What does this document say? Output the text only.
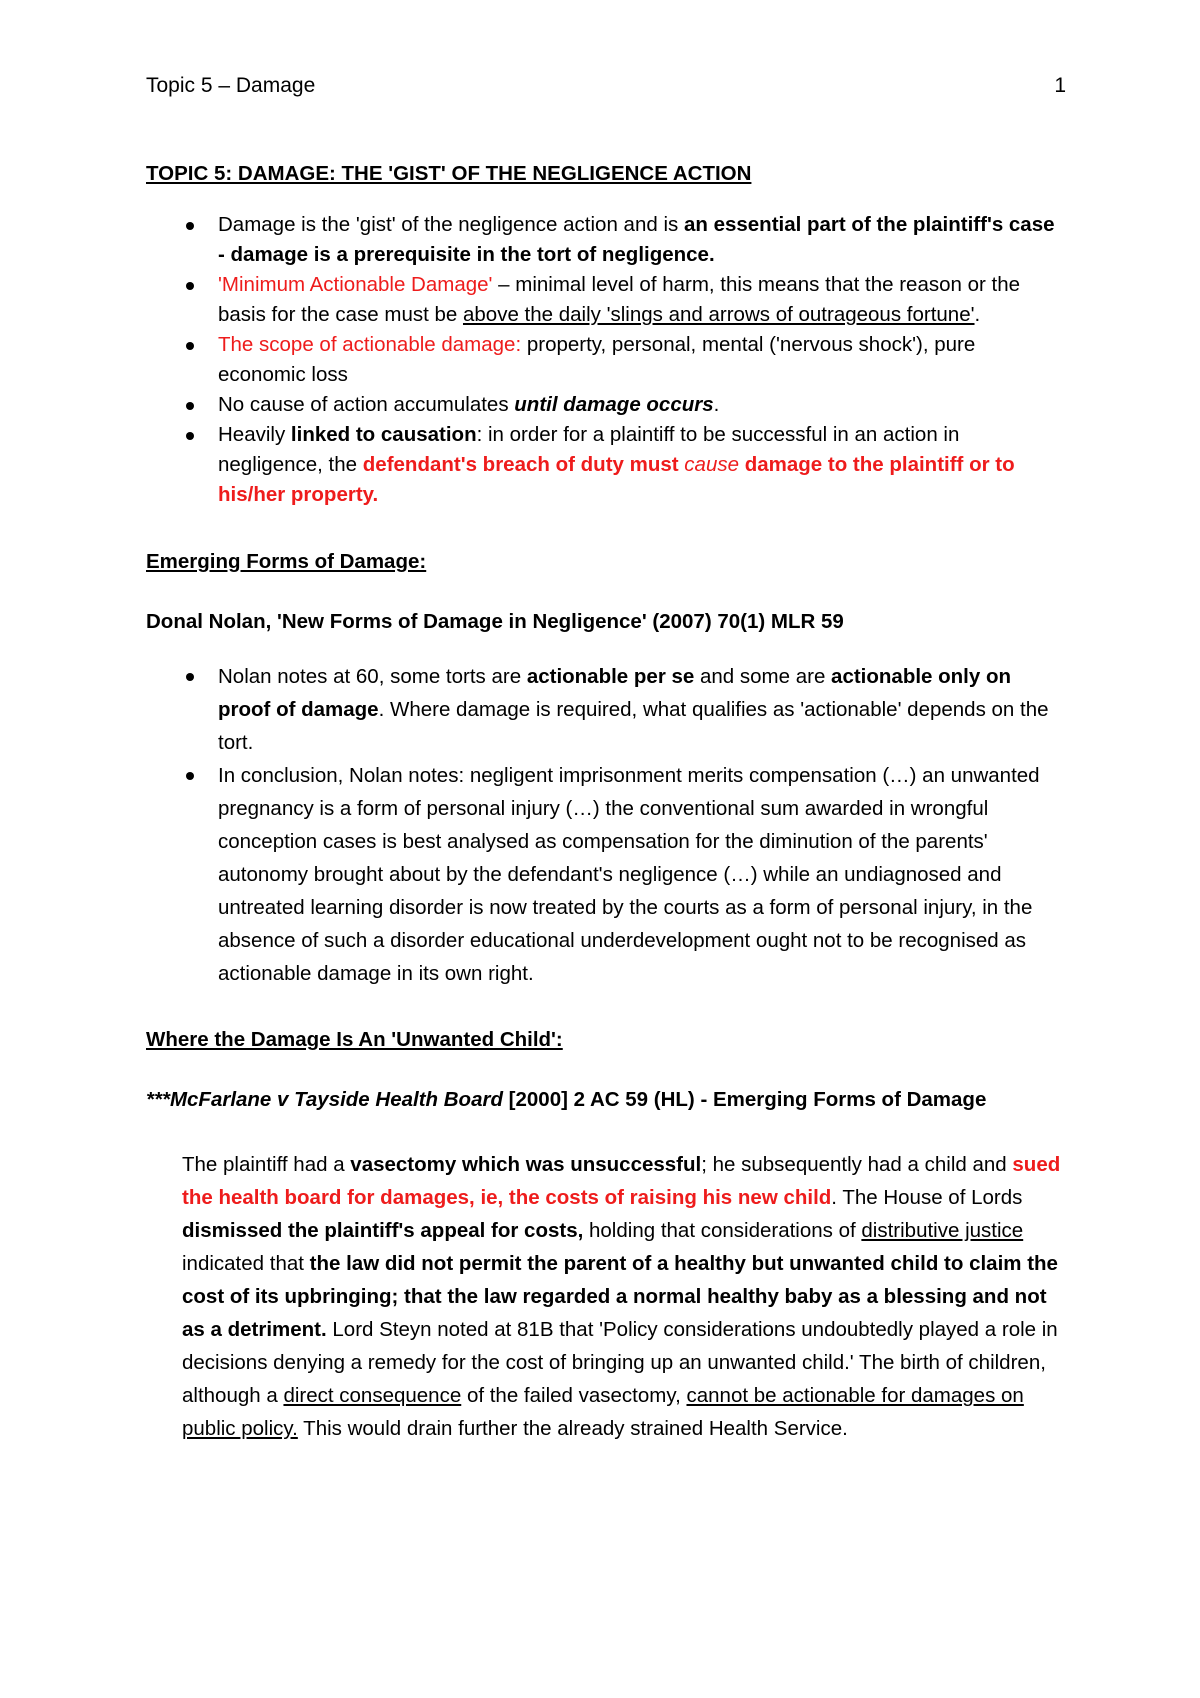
Topic 5 – Damage	1

TOPIC 5: DAMAGE: THE 'GIST' OF THE NEGLIGENCE ACTION

Damage is the 'gist' of the negligence action and is an essential part of the plaintiff's case - damage is a prerequisite in the tort of negligence.
'Minimum Actionable Damage' – minimal level of harm, this means that the reason or the basis for the case must be above the daily 'slings and arrows of outrageous fortune'.
The scope of actionable damage: property, personal, mental ('nervous shock'), pure economic loss
No cause of action accumulates until damage occurs.
Heavily linked to causation: in order for a plaintiff to be successful in an action in negligence, the defendant's breach of duty must cause damage to the plaintiff or to his/her property.

Emerging Forms of Damage:

Donal Nolan, 'New Forms of Damage in Negligence' (2007) 70(1) MLR 59

Nolan notes at 60, some torts are actionable per se and some are actionable only on proof of damage. Where damage is required, what qualifies as 'actionable' depends on the tort.
In conclusion, Nolan notes: negligent imprisonment merits compensation (…) an unwanted pregnancy is a form of personal injury (…) the conventional sum awarded in wrongful conception cases is best analysed as compensation for the diminution of the parents' autonomy brought about by the defendant's negligence (…) while an undiagnosed and untreated learning disorder is now treated by the courts as a form of personal injury, in the absence of such a disorder educational underdevelopment ought not to be recognised as actionable damage in its own right.

Where the Damage Is An 'Unwanted Child':

***McFarlane v Tayside Health Board [2000] 2 AC 59 (HL) - Emerging Forms of Damage

The plaintiff had a vasectomy which was unsuccessful; he subsequently had a child and sued the health board for damages, ie, the costs of raising his new child. The House of Lords dismissed the plaintiff's appeal for costs, holding that considerations of distributive justice indicated that the law did not permit the parent of a healthy but unwanted child to claim the cost of its upbringing; that the law regarded a normal healthy baby as a blessing and not as a detriment. Lord Steyn noted at 81B that 'Policy considerations undoubtedly played a role in decisions denying a remedy for the cost of bringing up an unwanted child.' The birth of children, although a direct consequence of the failed vasectomy, cannot be actionable for damages on public policy. This would drain further the already strained Health Service.
